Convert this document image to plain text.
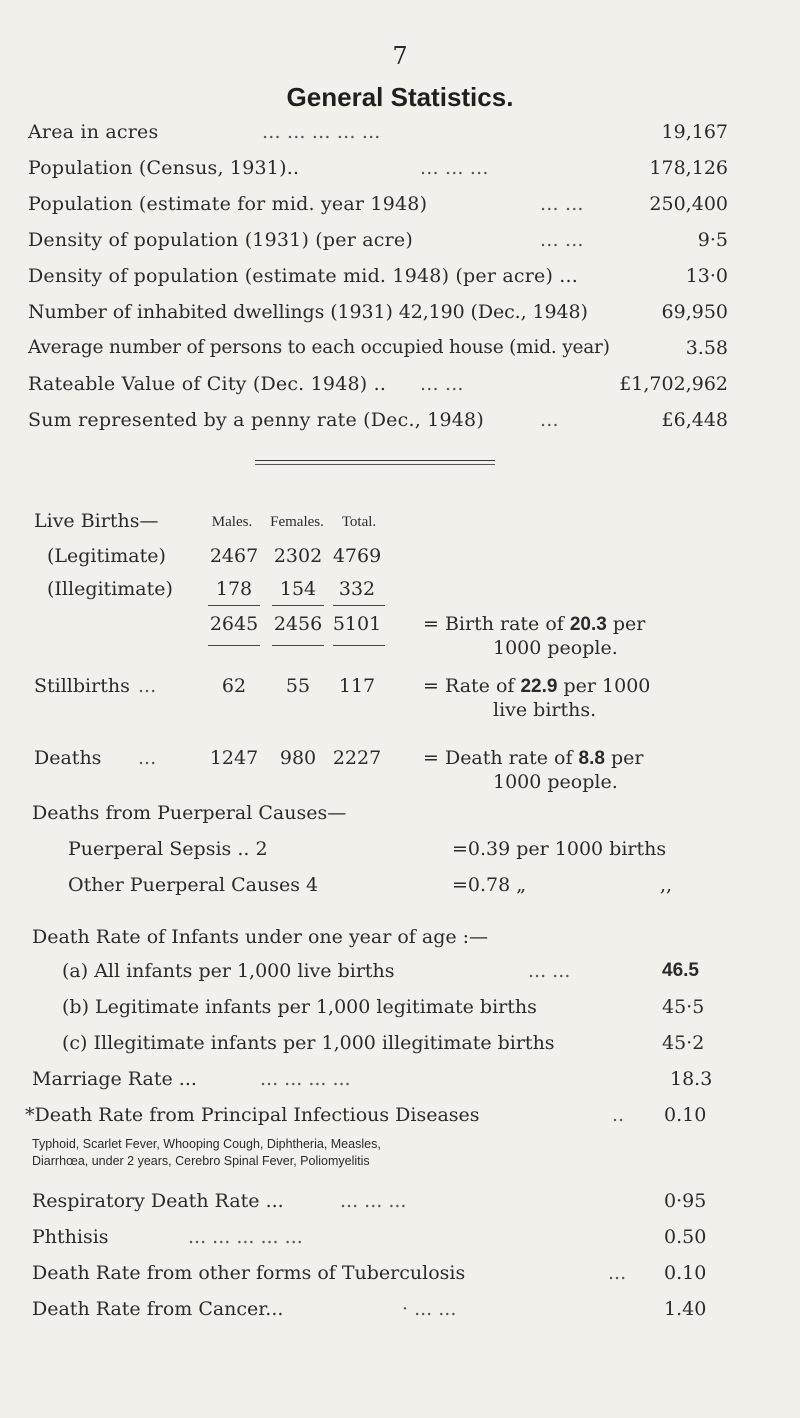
7
General Statistics.
Area in acres	... ... ... ... ...	19,167
Population (Census, 1931)..	... ... ...	178,126
Population (estimate for mid. year 1948)	... ...	250,400
Density of population (1931) (per acre)	... ...	9·5
Density of population (estimate mid. 1948) (per acre) ...	13·0
Number of inhabited dwellings (1931) 42,190 (Dec., 1948)	69,950
Average number of persons to each occupied house (mid. year)	3.58
Rateable Value of City (Dec. 1948) .. ... ...	£1,702,962
Sum represented by a penny rate (Dec., 1948)	...	£6,448
Live Births—	Males.	Females.	Total.
(Legitimate)	2467 2302 4769
(Illegitimate)	178	154	332
2645 2456 5101	= Birth rate of 20.3 per
1000 people.
Stillbirths ...	62	55	117	= Rate of 22.9 per 1000
live births.
Deaths ...	1247	980 2227	= Death rate of 8.8 per
1000 people.
Deaths from Puerperal Causes—
Puerperal Sepsis .. 2	=0.39 per 1000 births
Other Puerperal Causes 4	=0.78 „	,,
Death Rate of Infants under one year of age :—
(a) All infants per 1,000 live births	... ...	46.5
(b) Legitimate infants per 1,000 legitimate births	45·5
(c) Illegitimate infants per 1,000 illegitimate births	45·2
Marriage Rate ...	... ... ... ...	18.3
*Death Rate from Principal Infectious Diseases	.. 0.10
Typhoid, Scarlet Fever, Whooping Cough, Diphtheria, Measles,
Diarrhœa, under 2 years, Cerebro Spinal Fever, Poliomyelitis
Respiratory Death Rate ...	... ... ...	0·95
Phthisis	... ... ... ... ...	0.50
Death Rate from other forms of Tuberculosis	... 0.10
Death Rate from Cancer...	· ... ...	1.40
